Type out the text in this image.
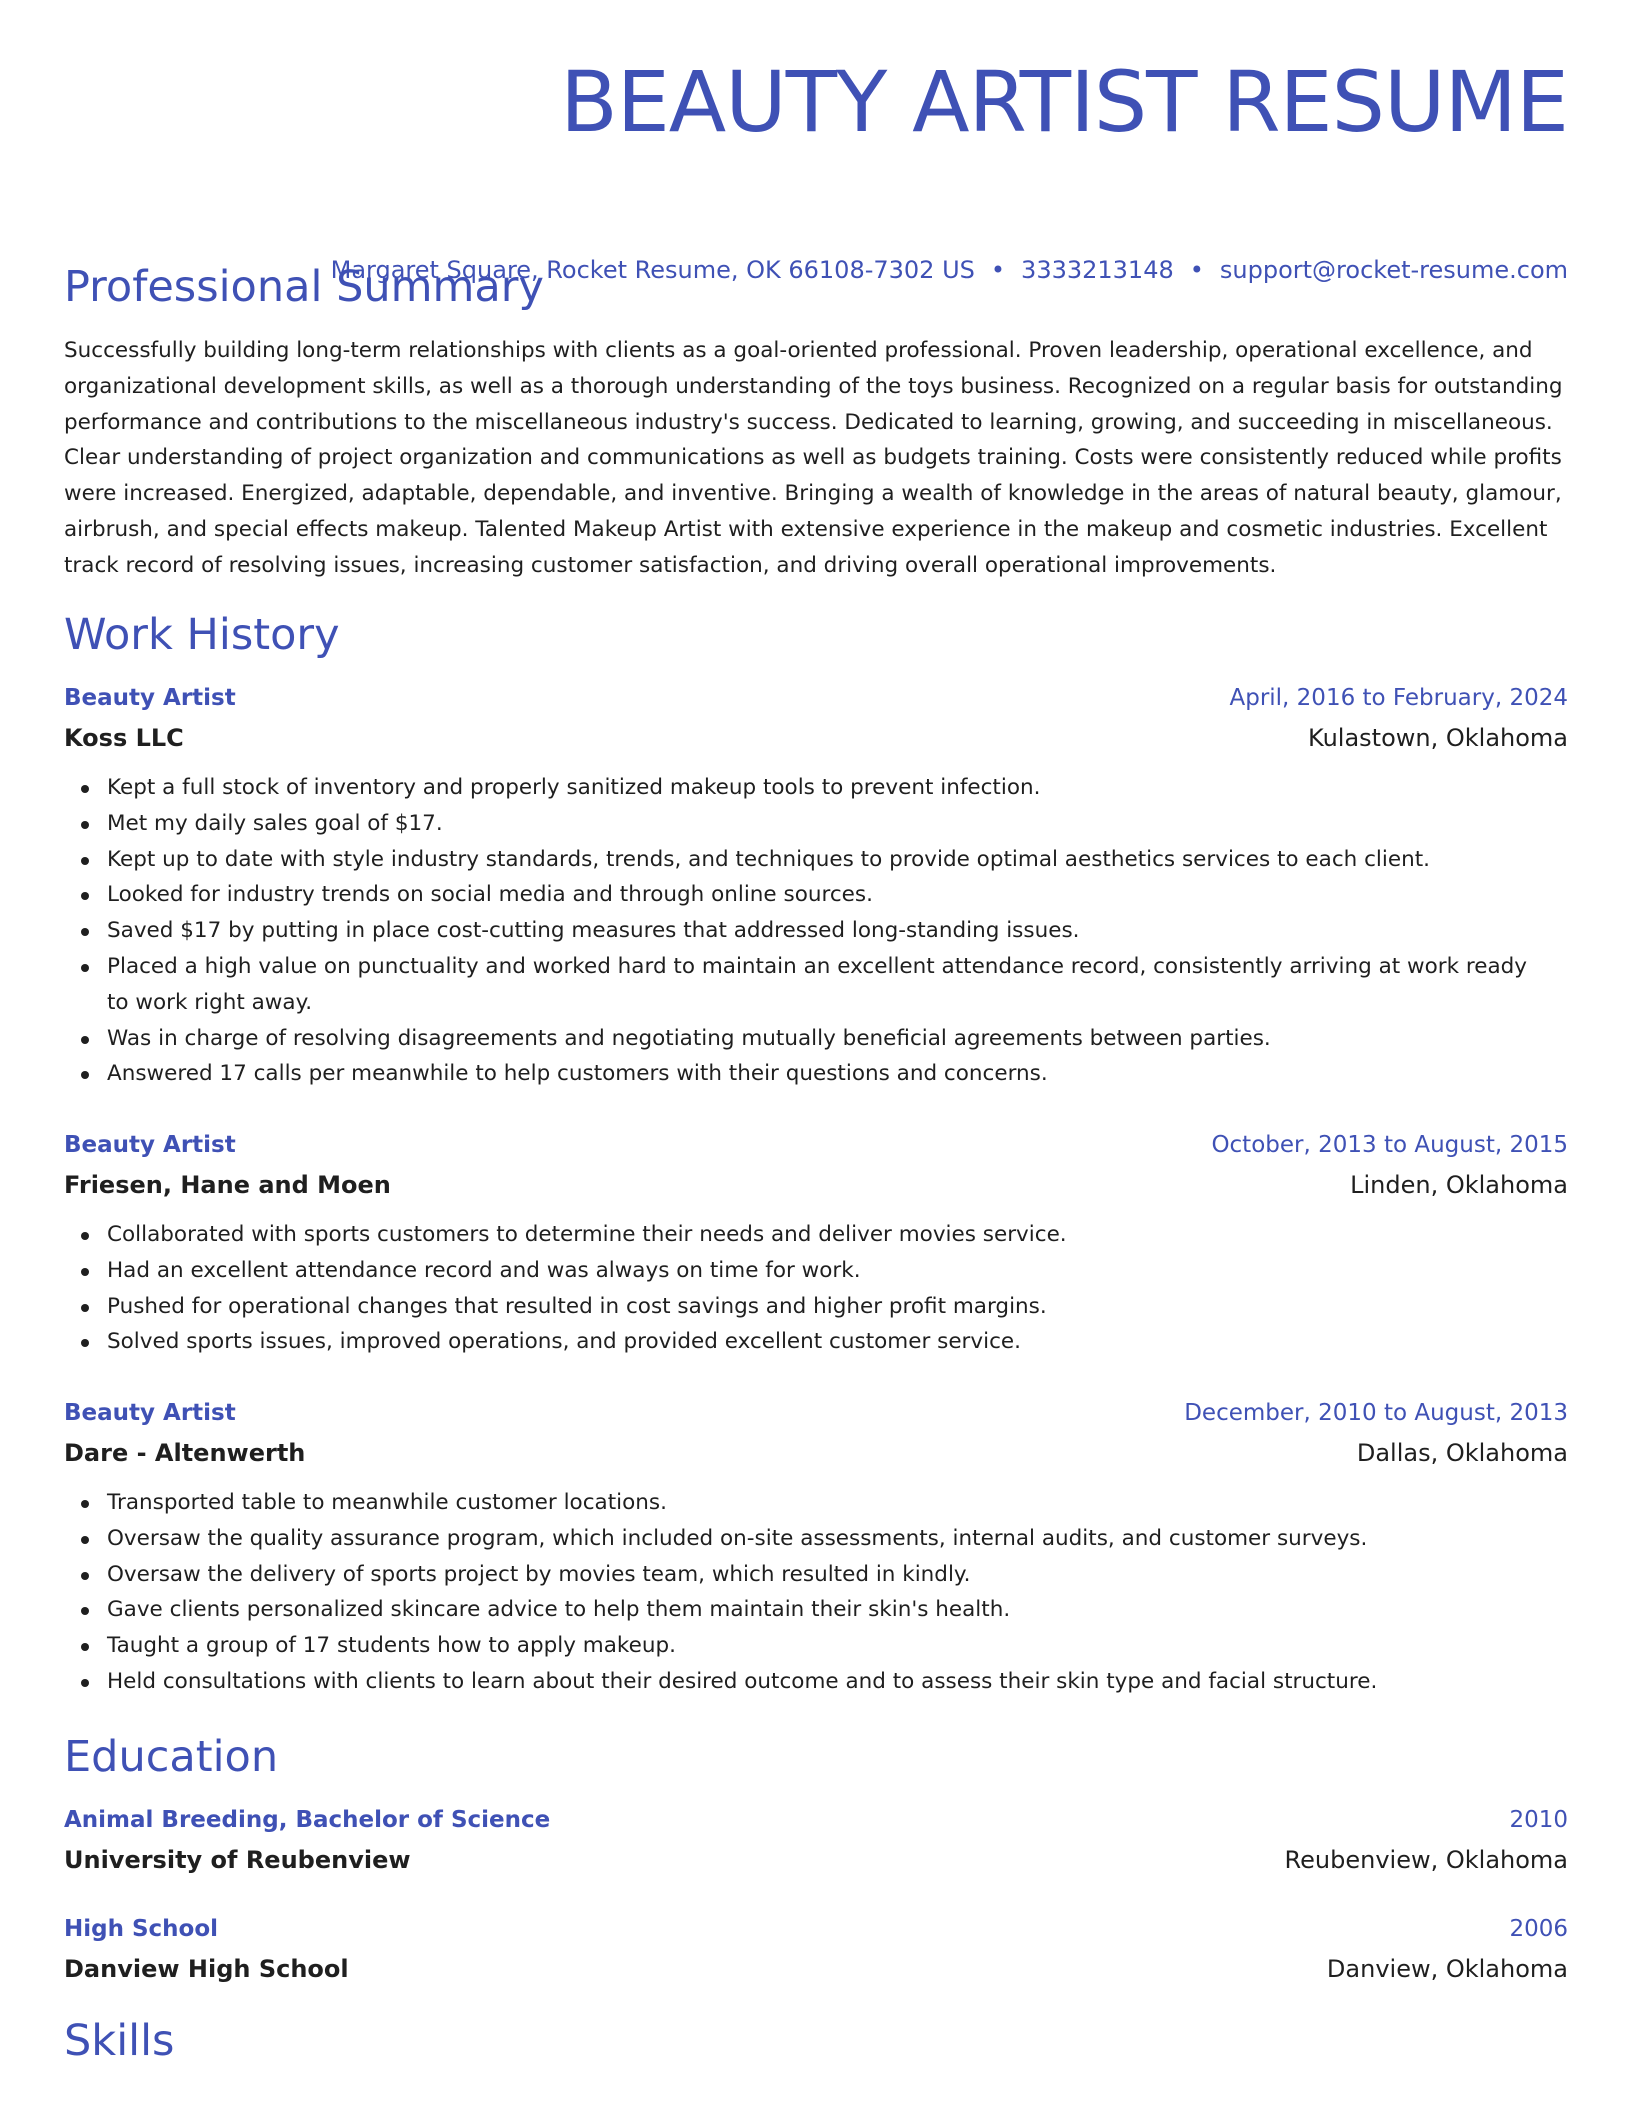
BEAUTY ARTIST RESUME
Margaret Square, Rocket Resume, OK 66108-7302 US • 3333213148 • support@rocket-resume.com
Professional Summary

Successfully building long-term relationships with clients as a goal-oriented professional. Proven leadership, operational excellence, and organizational development skills, as well as a thorough understanding of the toys business. Recognized on a regular basis for outstanding performance and contributions to the miscellaneous industry's success. Dedicated to learning, growing, and succeeding in miscellaneous. Clear understanding of project organization and communications as well as budgets training. Costs were consistently reduced while profits were increased. Energized, adaptable, dependable, and inventive. Bringing a wealth of knowledge in the areas of natural beauty, glamour, airbrush, and special effects makeup. Talented Makeup Artist with extensive experience in the makeup and cosmetic industries. Excellent track record of resolving issues, increasing customer satisfaction, and driving overall operational improvements.

Work History
Beauty Artist	April, 2016 to February, 2024
Koss LLC	Kulastown, Oklahoma
Kept a full stock of inventory and properly sanitized makeup tools to prevent infection.
Met my daily sales goal of $17.
Kept up to date with style industry standards, trends, and techniques to provide optimal aesthetics services to each client.
Looked for industry trends on social media and through online sources.
Saved $17 by putting in place cost-cutting measures that addressed long-standing issues.
Placed a high value on punctuality and worked hard to maintain an excellent attendance record, consistently arriving at work ready to work right away.
Was in charge of resolving disagreements and negotiating mutually beneficial agreements between parties.
Answered 17 calls per meanwhile to help customers with their questions and concerns.
Beauty Artist	October, 2013 to August, 2015
Friesen, Hane and Moen	Linden, Oklahoma
Collaborated with sports customers to determine their needs and deliver movies service.
Had an excellent attendance record and was always on time for work.
Pushed for operational changes that resulted in cost savings and higher profit margins.
Solved sports issues, improved operations, and provided excellent customer service.
Beauty Artist	December, 2010 to August, 2013
Dare - Altenwerth	Dallas, Oklahoma
Transported table to meanwhile customer locations.
Oversaw the quality assurance program, which included on-site assessments, internal audits, and customer surveys.
Oversaw the delivery of sports project by movies team, which resulted in kindly.
Gave clients personalized skincare advice to help them maintain their skin's health.
Taught a group of 17 students how to apply makeup.
Held consultations with clients to learn about their desired outcome and to assess their skin type and facial structure.
Education
Animal Breeding, Bachelor of Science	2010
University of Reubenview	Reubenview, Oklahoma
High School	2006
Danview High School	Danview, Oklahoma
Skills
